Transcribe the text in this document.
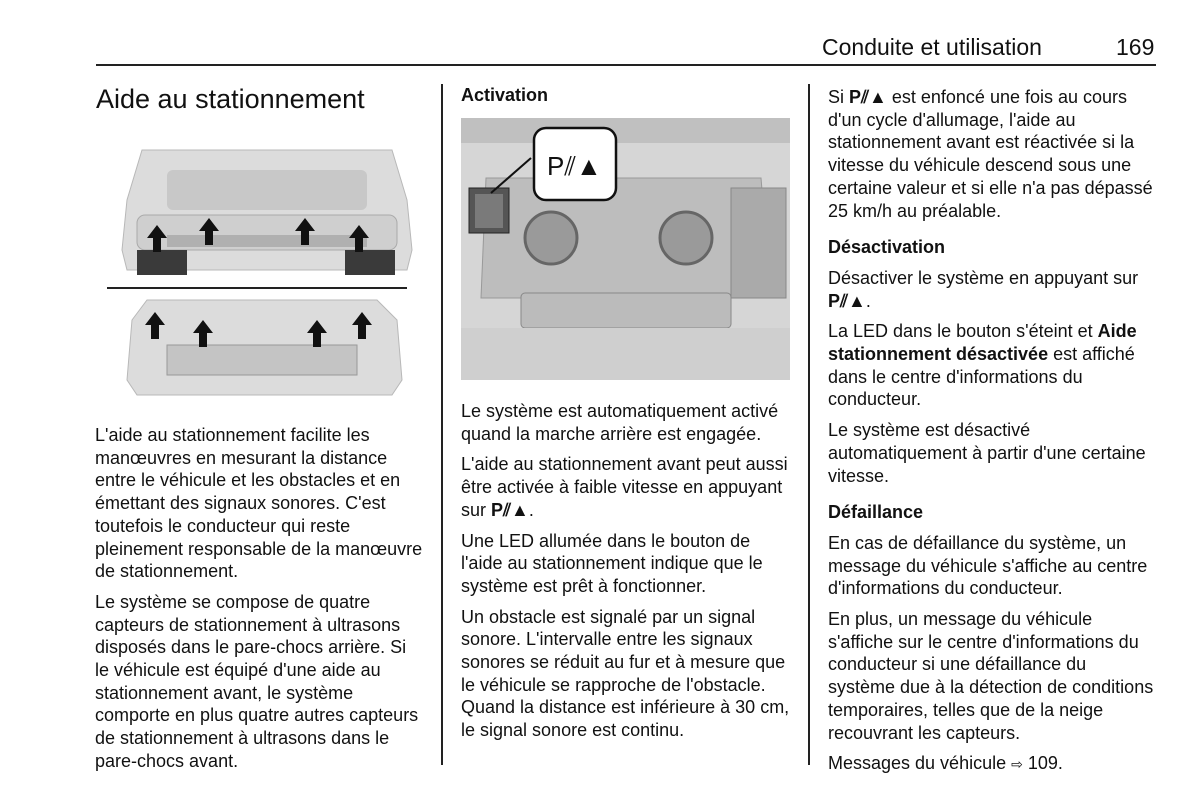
Conduite et utilisation	169
Aide au stationnement

L'aide au stationnement facilite les manœuvres en mesurant la distance entre le véhicule et les obstacles et en émettant des signaux sonores. C'est toutefois le conducteur qui reste pleinement responsable de la manœuvre de stationnement.

Le système se compose de quatre capteurs de stationnement à ultrasons disposés dans le pare-chocs arrière. Si le véhicule est équipé d'une aide au stationnement avant, le système comporte en plus quatre autres capteurs de stationnement à ultrasons dans le pare-chocs avant.

Activation

P⫽▲

Le système est automatiquement activé quand la marche arrière est engagée.

L'aide au stationnement avant peut aussi être activée à faible vitesse en appuyant sur P⫽▲.

Une LED allumée dans le bouton de l'aide au stationnement indique que le système est prêt à fonctionner.

Un obstacle est signalé par un signal sonore. L'intervalle entre les signaux sonores se réduit au fur et à mesure que le véhicule se rapproche de l'obstacle. Quand la distance est inférieure à 30 cm, le signal sonore est continu.

Si P⫽▲ est enfoncé une fois au cours d'un cycle d'allumage, l'aide au stationnement avant est réactivée si la vitesse du véhicule descend sous une certaine valeur et si elle n'a pas dépassé 25 km/h au préalable.

Désactivation

Désactiver le système en appuyant sur P⫽▲.

La LED dans le bouton s'éteint et Aide stationnement désactivée est affiché dans le centre d'informations du conducteur.

Le système est désactivé automatiquement à partir d'une certaine vitesse.

Défaillance

En cas de défaillance du système, un message du véhicule s'affiche au centre d'informations du conducteur.

En plus, un message du véhicule s'affiche sur le centre d'informations du conducteur si une défaillance du système due à la détection de conditions temporaires, telles que de la neige recouvrant les capteurs.

Messages du véhicule ⇨ 109.
